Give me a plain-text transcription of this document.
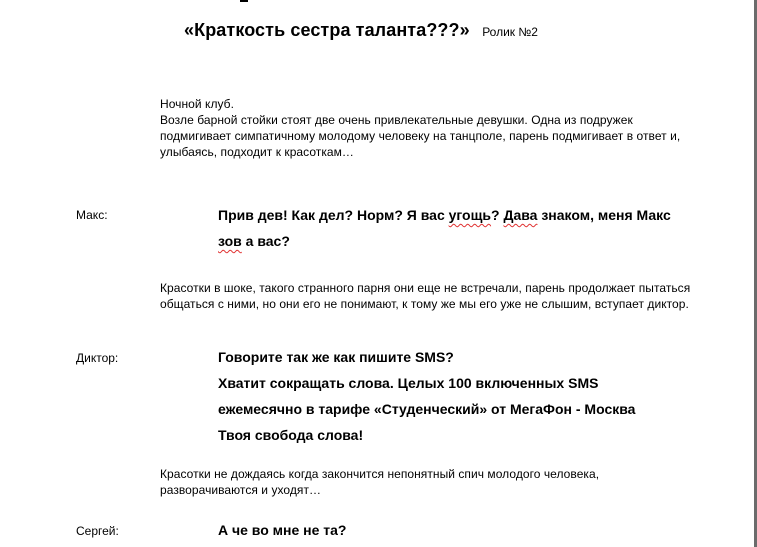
«Краткость сестра таланта???» Ролик №2
Ночной клуб.
Возле барной стойки стоят две очень привлекательные девушки. Одна из подружек подмигивает симпатичному молодому человеку на танцполе, парень подмигивает в ответ и, улыбаясь, подходит к красоткам…
Макс:	Прив дев! Как дел? Норм? Я вас угощь? Дава знаком, меня Макс
зов а вас?
Красотки в шоке, такого странного парня они еще не встречали, парень продолжает пытаться общаться с ними, но они его не понимают, к тому же мы его уже не слышим, вступает диктор.
Диктор:	Говорите так же как пишите SMS?
Хватит сокращать слова. Целых 100 включенных SMS
ежемесячно в тарифе «Студенческий» от МегаФон - Москва
Твоя свобода слова!
Красотки не дождаясь когда закончится непонятный спич молодого человека, разворачиваются и уходят…
Сергей:	А че во мне не та?
